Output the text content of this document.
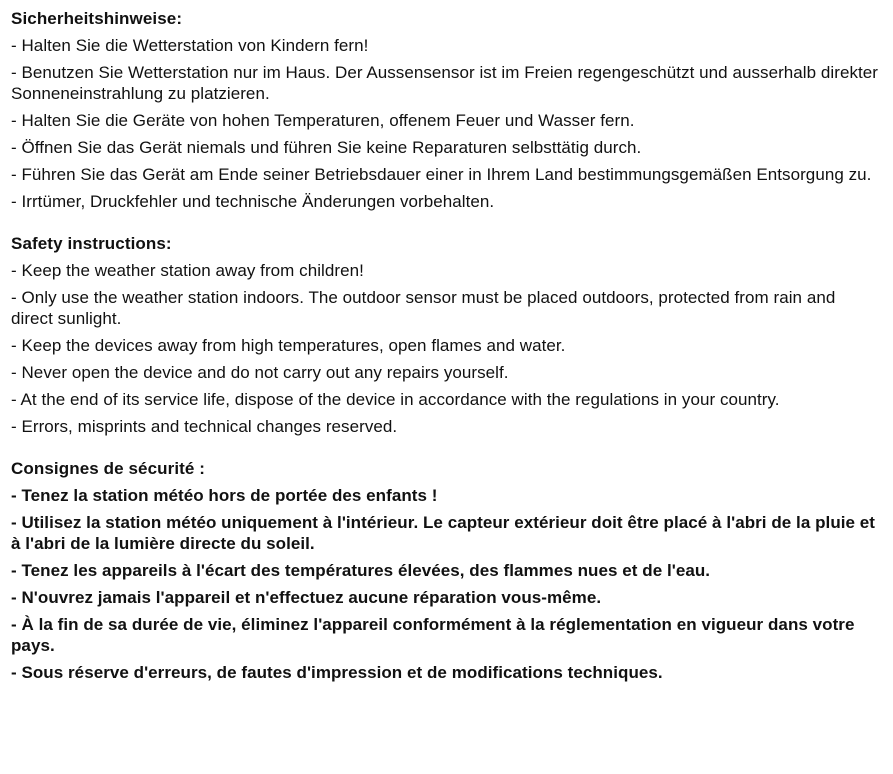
Sicherheitshinweise:
- Halten Sie die Wetterstation von Kindern fern!
- Benutzen Sie Wetterstation nur im Haus. Der Aussensensor ist im Freien regengeschützt und ausserhalb direkter Sonneneinstrahlung zu platzieren.
- Halten Sie die Geräte von hohen Temperaturen, offenem Feuer und Wasser fern.
- Öffnen Sie das Gerät niemals und führen Sie keine Reparaturen selbsttätig durch.
- Führen Sie das Gerät am Ende seiner Betriebsdauer einer in Ihrem Land bestimmungsgemäßen Entsorgung zu.
- Irrtümer, Druckfehler und technische Änderungen vorbehalten.
Safety instructions:
- Keep the weather station away from children!
- Only use the weather station indoors. The outdoor sensor must be placed outdoors, protected from rain and direct sunlight.
- Keep the devices away from high temperatures, open flames and water.
- Never open the device and do not carry out any repairs yourself.
- At the end of its service life, dispose of the device in accordance with the regulations in your country.
- Errors, misprints and technical changes reserved.
Consignes de sécurité :
- Tenez la station météo hors de portée des enfants !
- Utilisez la station météo uniquement à l'intérieur. Le capteur extérieur doit être placé à l'abri de la pluie et à l'abri de la lumière directe du soleil.
- Tenez les appareils à l'écart des températures élevées, des flammes nues et de l'eau.
- N'ouvrez jamais l'appareil et n'effectuez aucune réparation vous-même.
- À la fin de sa durée de vie, éliminez l'appareil conformément à la réglementation en vigueur dans votre pays.
- Sous réserve d'erreurs, de fautes d'impression et de modifications techniques.
